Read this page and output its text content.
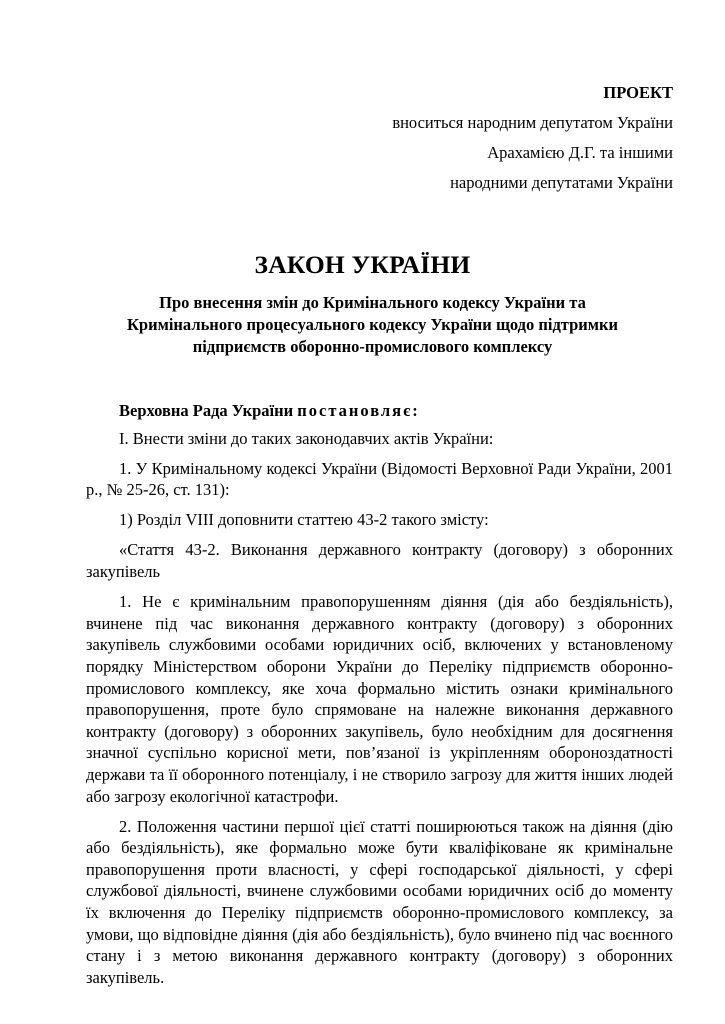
ПРОЕКТ
вноситься народним депутатом України
Арахамією Д.Г. та іншими
народними депутатами України
ЗАКОН УКРАЇНИ
Про внесення змін до Кримінального кодексу України та Кримінального процесуального кодексу України щодо підтримки підприємств оборонно-промислового комплексу

Верховна Рада України постановляє:

І. Внести зміни до таких законодавчих актів України:

1. У Кримінальному кодексі України (Відомості Верховної Ради України, 2001 р., № 25-26, ст. 131):

1) Розділ VIII доповнити статтею 43-2 такого змісту:

«Стаття 43-2. Виконання державного контракту (договору) з оборонних закупівель

1. Не є кримінальним правопорушенням діяння (дія або бездіяльність), вчинене під час виконання державного контракту (договору) з оборонних закупівель службовими особами юридичних осіб, включених у встановленому порядку Міністерством оборони України до Переліку підприємств оборонно-промислового комплексу, яке хоча формально містить ознаки кримінального правопорушення, проте було спрямоване на належне виконання державного контракту (договору) з оборонних закупівель, було необхідним для досягнення значної суспільно корисної мети, пов’язаної із укріпленням обороноздатності держави та її оборонного потенціалу, і не створило загрозу для життя інших людей або загрозу екологічної катастрофи.

2. Положення частини першої цієї статті поширюються також на діяння (дію або бездіяльність), яке формально може бути кваліфіковане як кримінальне правопорушення проти власності, у сфері господарської діяльності, у сфері службової діяльності, вчинене службовими особами юридичних осіб до моменту їх включення до Переліку підприємств оборонно-промислового комплексу, за умови, що відповідне діяння (дія або бездіяльність), було вчинено під час воєнного стану і з метою виконання державного контракту (договору) з оборонних закупівель.
